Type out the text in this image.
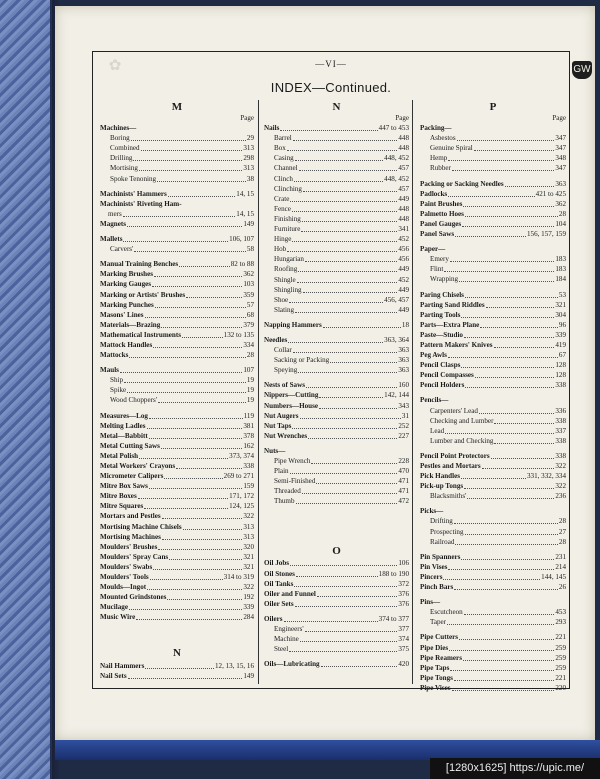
✿	GW
—VI—
INDEX—Continued.
M
Page
Machines—
Boring	29
Combined	313
Drilling	298
Mortising	313
Spoke Tenoning	38
Machinists' Hammers	14, 15
Machinists' Riveting Ham-
mers	14, 15
Magnets	149
Mallets	106, 107
Carvers'	58
Manual Training Benches	82 to 88
Marking Brushes	362
Marking Gauges	103
Marking or Artists' Brushes	359
Marking Punches	57
Masons' Lines	68
Materials—Brazing	379
Mathematical Instruments	132 to 135
Mattock Handles	334
Mattocks	28
Mauls	107
Ship	19
Spike	19
Wood Choppers'	19
Measures—Log	119
Melting Ladles	381
Metal—Babbitt	378
Metal Cutting Saws	162
Metal Polish	373, 374
Metal Workers' Crayons	338
Micrometer Calipers	269 to 271
Mitre Box Saws	159
Mitre Boxes	171, 172
Mitre Squares	124, 125
Mortars and Pestles	322
Mortising Machine Chisels	313
Mortising Machines	313
Moulders' Brushes	320
Moulders' Spray Cans	321
Moulders' Swabs	321
Moulders' Tools	314 to 319
Moulds—Ingot	322
Mounted Grindstones	192
Mucilage	339
Music Wire	284
N
Nail Hammers	12, 13, 15, 16
Nail Sets	149
N
Page
Nails	447 to 453
Barrel	448
Box	448
Casing	448, 452
Channel	457
Clinch	448, 452
Clinching	457
Crate	449
Fence	448
Finishing	448
Furniture	341
Hinge	452
Hob	456
Hungarian	456
Roofing	449
Shingle	452
Shingling	449
Shoe	456, 457
Slating	449
Napping Hammers	18
Needles	363, 364
Collar	363
Sacking or Packing	363
Speying	363
Nests of Saws	160
Nippers—Cutting	142, 144
Numbers—House	343
Nut Augers	31
Nut Taps	252
Nut Wrenches	227
Nuts—
Pipe Wrench	228
Plain	470
Semi-Finished	471
Threaded	471
Thumb	472
O
Oil Jobs	106
Oil Stones	188 to 190
Oil Tanks	372
Oiler and Funnel	376
Oiler Sets	376
Oilers	374 to 377
Engineers'	377
Machine	374
Steel	375
Oils—Lubricating	420
P
Page
Packing—
Asbestos	347
Genuine Spiral	347
Hemp	348
Rubber	347
Packing or Sacking Needles	363
Padlocks	421 to 425
Paint Brushes	362
Palmetto Hoes	28
Panel Gauges	104
Panel Saws	156, 157, 159
Paper—
Emery	183
Flint	183
Wrapping	184
Paring Chisels	53
Parting Sand Riddles	321
Parting Tools	304
Parts—Extra Plane	96
Paste—Studio	339
Pattern Makers' Knives	419
Peg Awls	67
Pencil Clasps	128
Pencil Compasses	128
Pencil Holders	338
Pencils—
Carpenters' Lead	336
Checking and Lumber	338
Lead	337
Lumber and Checking	338
Pencil Point Protectors	338
Pestles and Mortars	322
Pick Handles	331, 332, 334
Pick-up Tongs	322
Blacksmiths'	236
Picks—
Drifting	28
Prospecting	27
Railroad	28
Pin Spanners	231
Pin Vises	214
Pincers	144, 145
Pinch Bars	26
Pins—
Escutcheon	453
Taper	293
Pipe Cutters	221
Pipe Dies	259
Pipe Reamers	259
Pipe Taps	259
Pipe Tongs	221
Pipe Vises	220
[1280x1625] https://upic.me/
